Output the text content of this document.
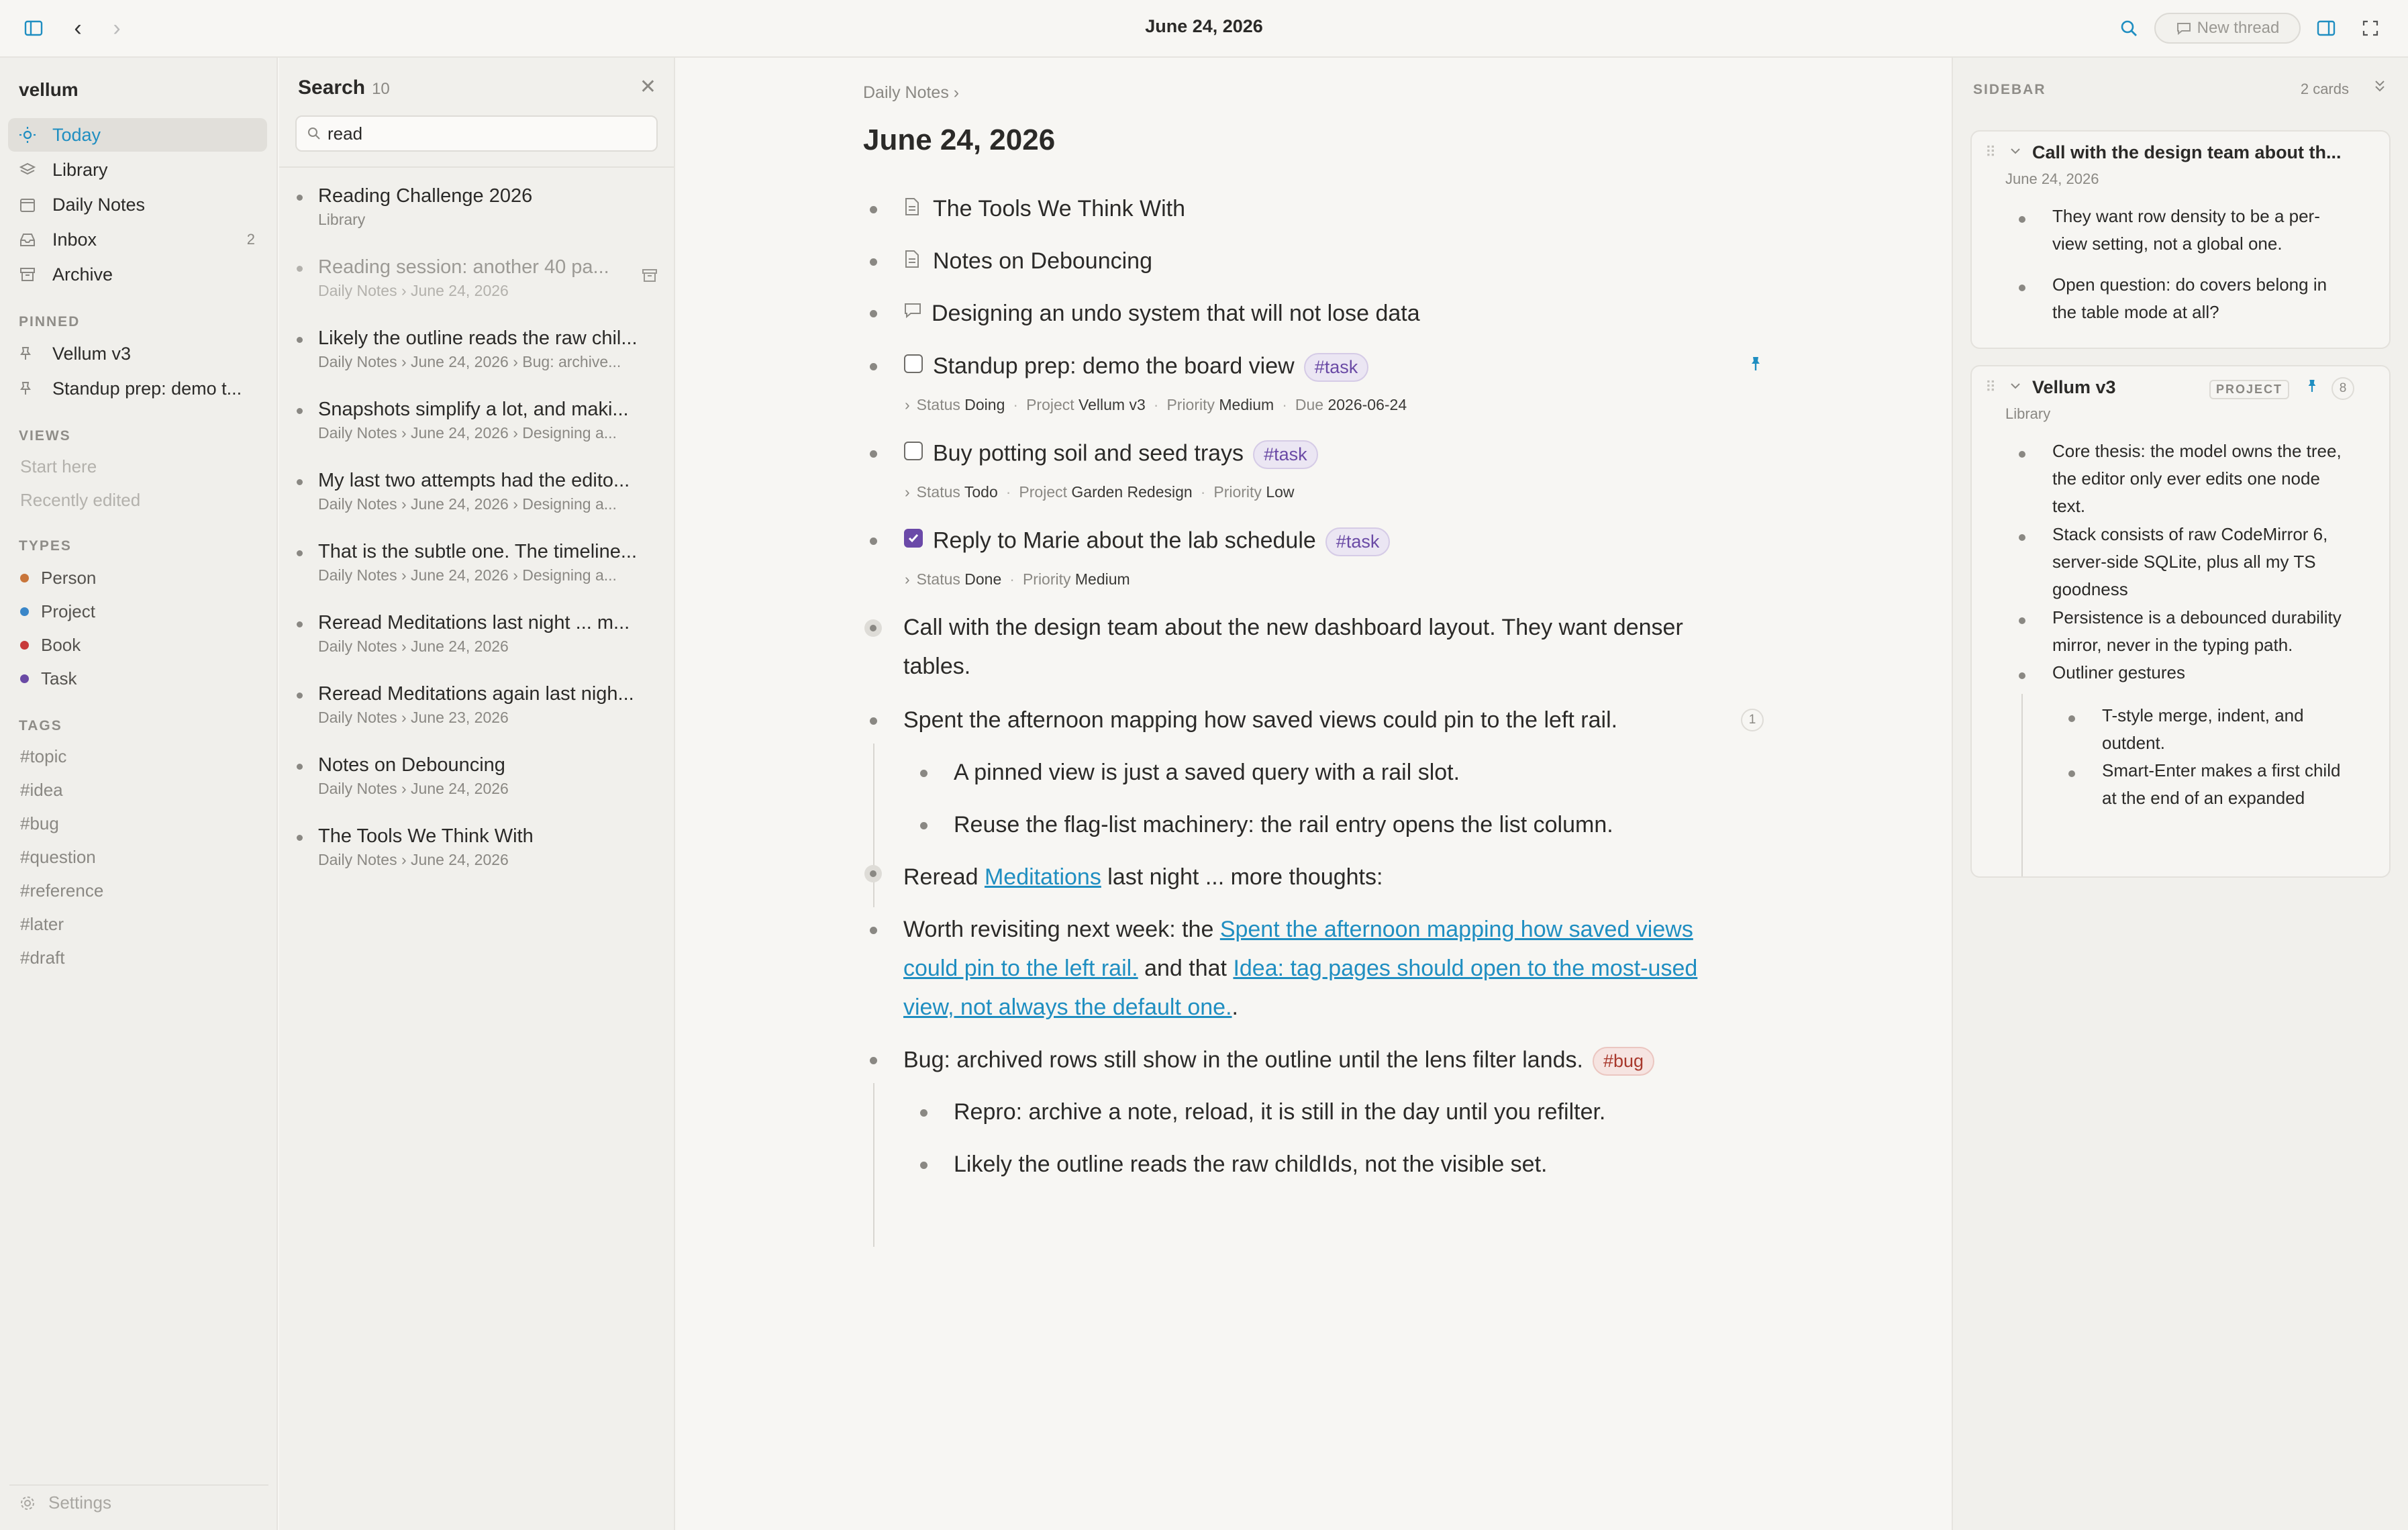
‹ ›	June 24, 2026	New thread
vellum
Today
Library
Daily Notes
Inbox	2
Archive
PINNED
Vellum v3
Standup prep: demo t...
VIEWS
Start here
Recently edited
TYPES
Person
Project
Book
Task
TAGS
#topic
#idea
#bug
#question
#reference
#later
#draft
Settings
Search 10	✕
read
Reading Challenge 2026
Library
Reading session: another 40 pa...
Daily Notes › June 24, 2026
Likely the outline reads the raw chil...
Daily Notes › June 24, 2026 › Bug: archive...
Snapshots simplify a lot, and maki...
Daily Notes › June 24, 2026 › Designing a...
My last two attempts had the edito...
Daily Notes › June 24, 2026 › Designing a...
That is the subtle one. The timeline...
Daily Notes › June 24, 2026 › Designing a...
Reread Meditations last night ... m...
Daily Notes › June 24, 2026
Reread Meditations again last nigh...
Daily Notes › June 23, 2026
Notes on Debouncing
Daily Notes › June 24, 2026
The Tools We Think With
Daily Notes › June 24, 2026
Daily Notes ›
June 24, 2026
The Tools We Think With
Notes on Debouncing
Designing an undo system that will not lose data
Standup prep: demo the board view #task
› Status Doing · Project Vellum v3 · Priority Medium · Due 2026-06-24
Buy potting soil and seed trays #task
› Status Todo · Project Garden Redesign · Priority Low
Reply to Marie about the lab schedule #task
› Status Done · Priority Medium
Call with the design team about the new dashboard layout. They want denser
tables.
Spent the afternoon mapping how saved views could pin to the left rail.	1
A pinned view is just a saved query with a rail slot.
Reuse the flag-list machinery: the rail entry opens the list column.
Reread Meditations last night ... more thoughts:
Worth revisiting next week: the Spent the afternoon mapping how saved views
could pin to the left rail. and that Idea: tag pages should open to the most-used
view, not always the default one..
Bug: archived rows still show in the outline until the lens filter lands. #bug
Repro: archive a note, reload, it is still in the day until you refilter.
Likely the outline reads the raw childIds, not the visible set.
SIDEBAR	2 cards
⠿ Call with the design team about th...
June 24, 2026
They want row density to be a per-
view setting, not a global one.
Open question: do covers belong in
the table mode at all?
⠿ Vellum v3	PROJECT	8
Library
Core thesis: the model owns the tree,
the editor only ever edits one node
text.
Stack consists of raw CodeMirror 6,
server-side SQLite, plus all my TS
goodness
Persistence is a debounced durability
mirror, never in the typing path.
Outliner gestures
T-style merge, indent, and
outdent.
Smart-Enter makes a first child
at the end of an expanded
